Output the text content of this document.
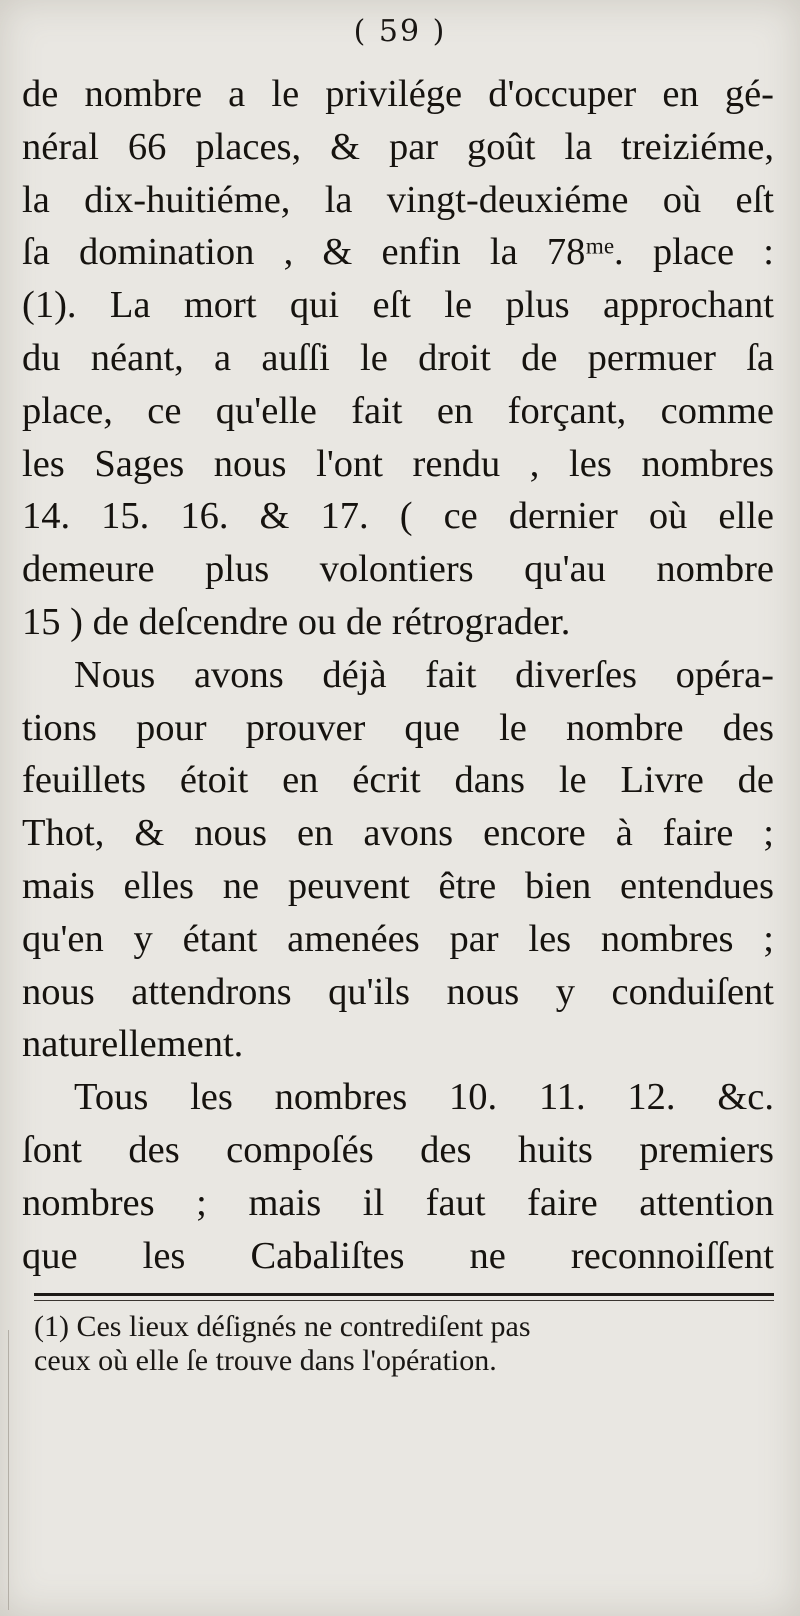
( 59 )
de nombre a le privilége d'occuper en gé-
néral 66 places, & par goût la treiziéme,
la dix-huitiéme, la vingt-deuxiéme où eſt
ſa domination , & enfin la 78ᵐᵉ. place :
(1). La mort qui eſt le plus approchant
du néant, a auſſi le droit de permuer ſa
place, ce qu'elle fait en forçant, comme
les Sages nous l'ont rendu , les nombres
14. 15. 16. & 17. ( ce dernier où elle
demeure plus volontiers qu'au nombre
15 ) de deſcendre ou de rétrograder.
Nous avons déjà fait diverſes opéra-
tions pour prouver que le nombre des
feuillets étoit en écrit dans le Livre de
Thot, & nous en avons encore à faire ;
mais elles ne peuvent être bien entendues
qu'en y étant amenées par les nombres ;
nous attendrons qu'ils nous y conduiſent
naturellement.
Tous les nombres 10. 11. 12. &c.
ſont des compoſés des huits premiers
nombres ; mais il faut faire attention
que les Cabaliſtes ne reconnoiſſent
(1) Ces lieux déſignés ne contrediſent pas
ceux où elle ſe trouve dans l'opération.
